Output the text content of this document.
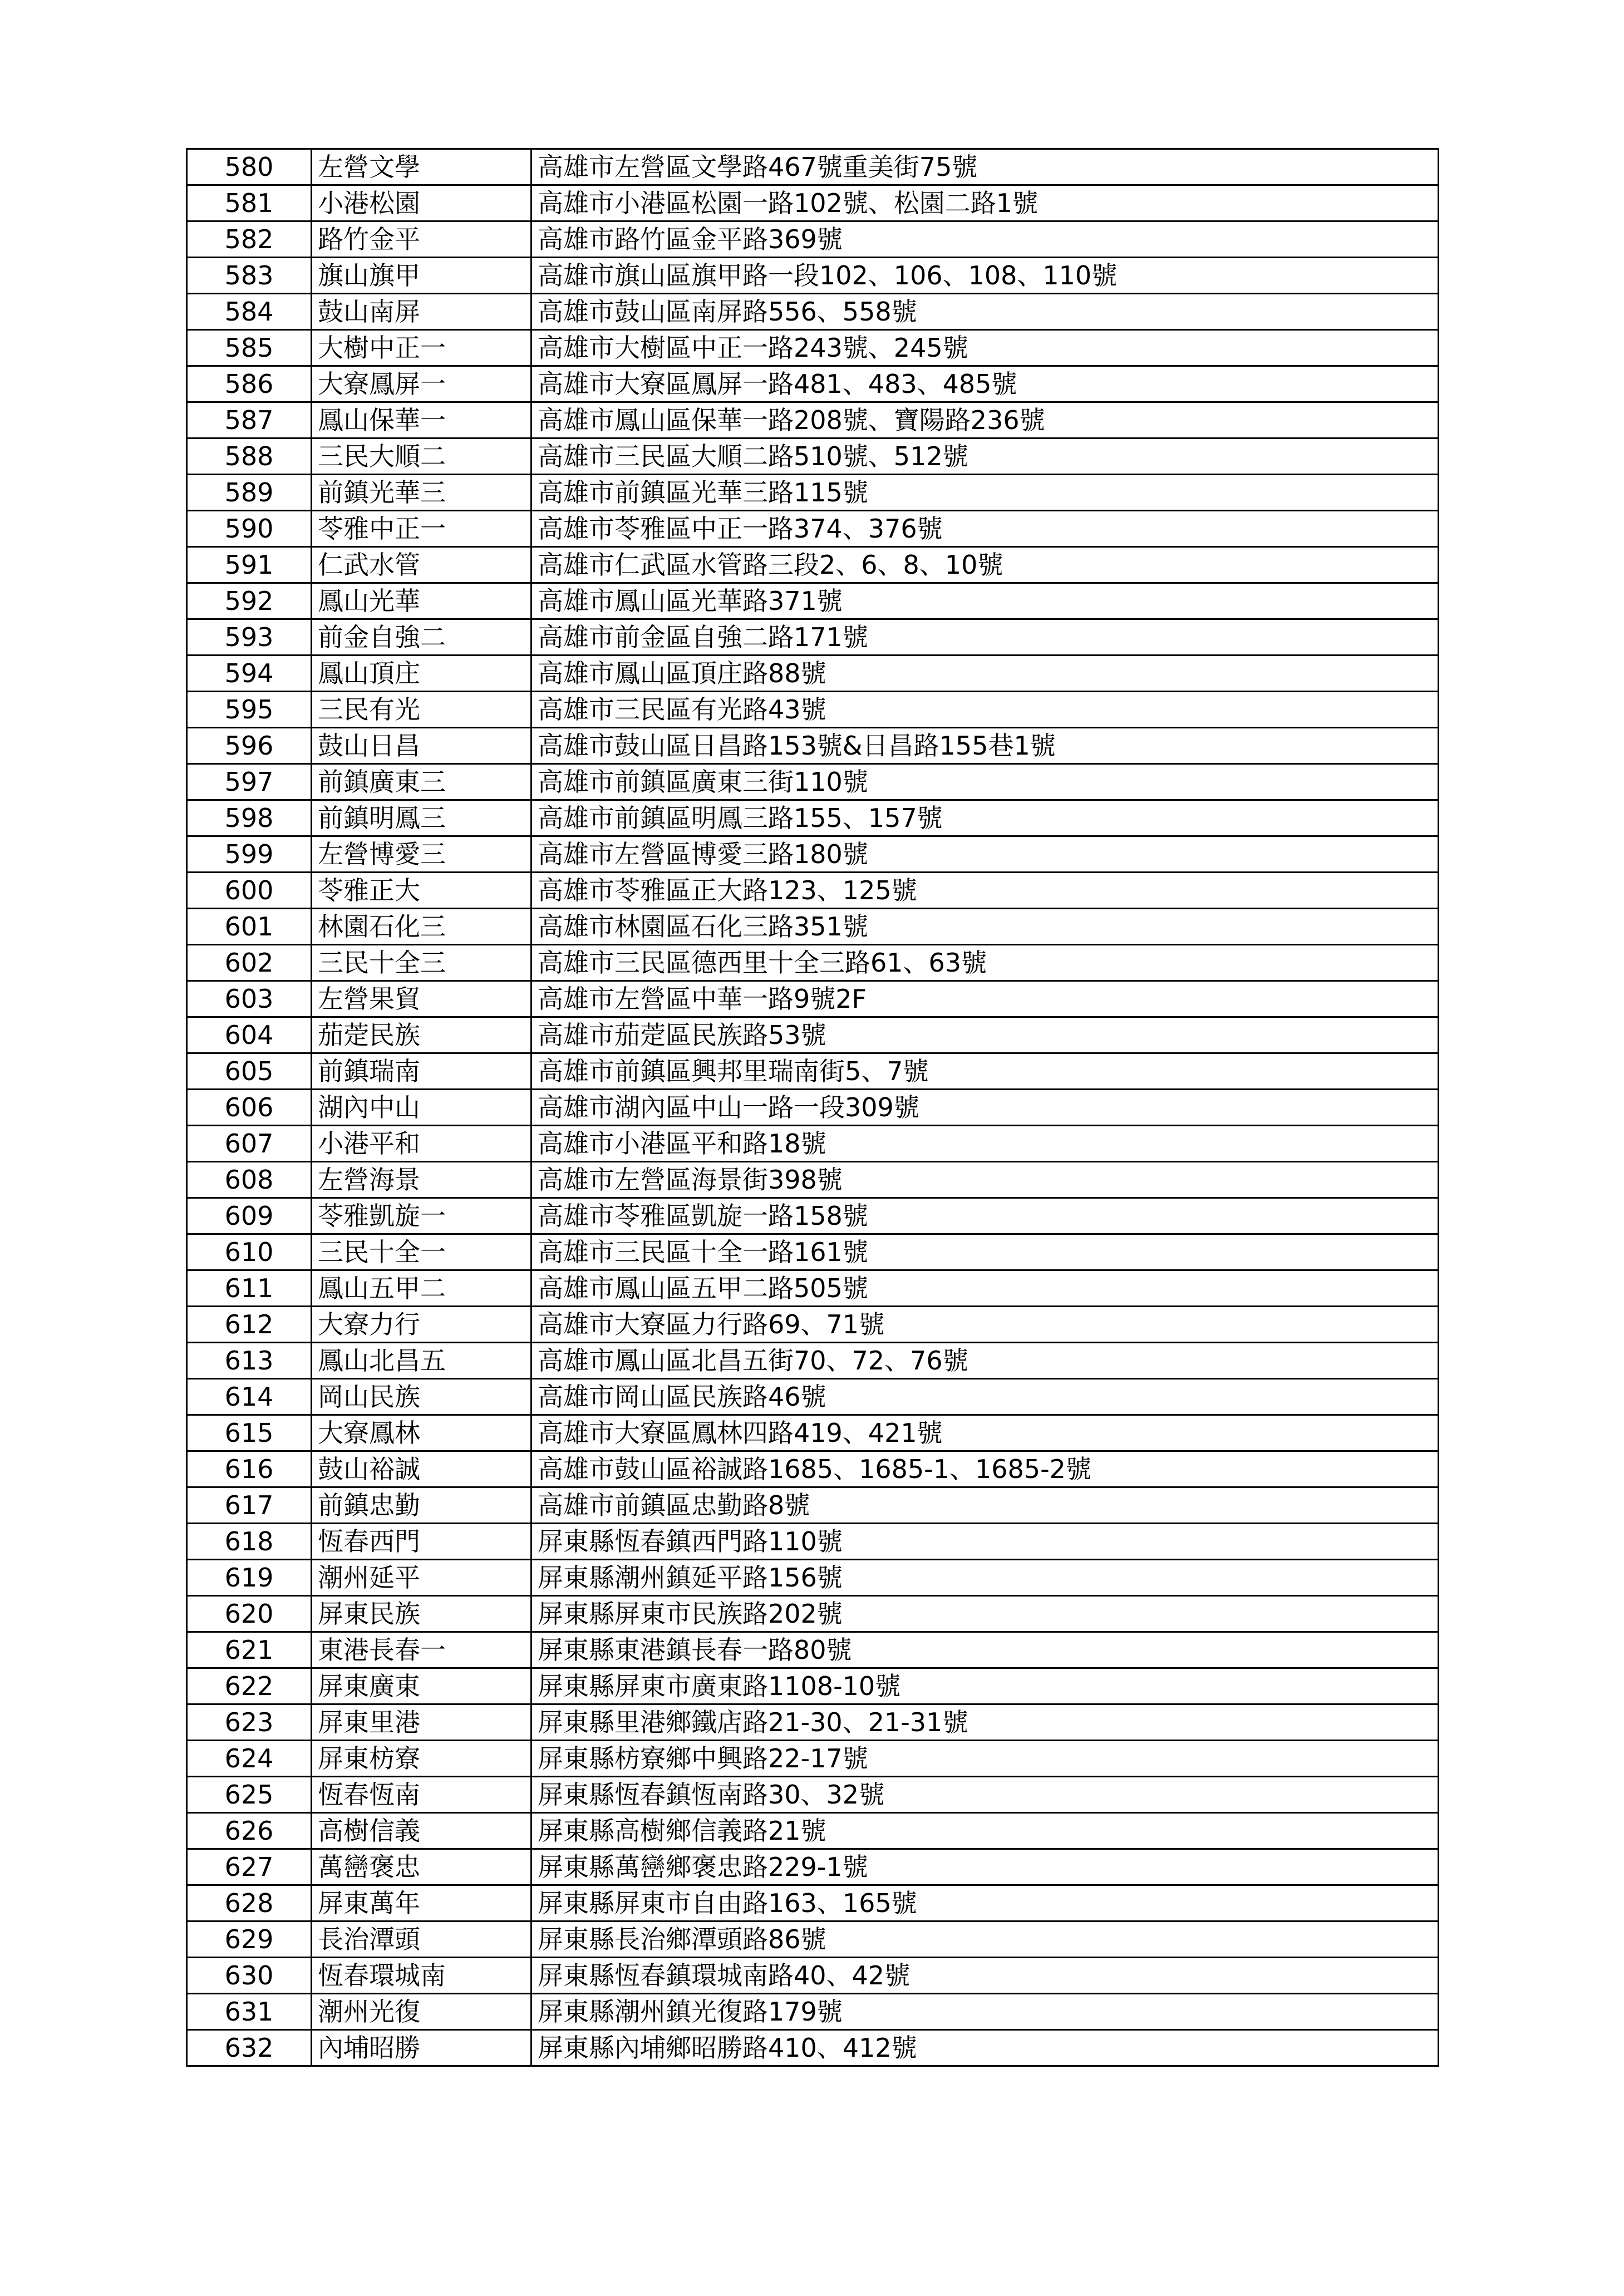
580	左營文學	高雄市左營區文學路467號重美街75號
581	小港松園	高雄市小港區松園一路102號、松園二路1號
582	路竹金平	高雄市路竹區金平路369號
583	旗山旗甲	高雄市旗山區旗甲路一段102、106、108、110號
584	鼓山南屏	高雄市鼓山區南屏路556、558號
585	大樹中正一	高雄市大樹區中正一路243號、245號
586	大寮鳳屏一	高雄市大寮區鳳屏一路481、483、485號
587	鳳山保華一	高雄市鳳山區保華一路208號、寶陽路236號
588	三民大順二	高雄市三民區大順二路510號、512號
589	前鎮光華三	高雄市前鎮區光華三路115號
590	苓雅中正一	高雄市苓雅區中正一路374、376號
591	仁武水管	高雄市仁武區水管路三段2、6、8、10號
592	鳳山光華	高雄市鳳山區光華路371號
593	前金自強二	高雄市前金區自強二路171號
594	鳳山頂庄	高雄市鳳山區頂庄路88號
595	三民有光	高雄市三民區有光路43號
596	鼓山日昌	高雄市鼓山區日昌路153號&日昌路155巷1號
597	前鎮廣東三	高雄市前鎮區廣東三街110號
598	前鎮明鳳三	高雄市前鎮區明鳳三路155、157號
599	左營博愛三	高雄市左營區博愛三路180號
600	苓雅正大	高雄市苓雅區正大路123、125號
601	林園石化三	高雄市林園區石化三路351號
602	三民十全三	高雄市三民區德西里十全三路61、63號
603	左營果貿	高雄市左營區中華一路9號2F
604	茄萣民族	高雄市茄萣區民族路53號
605	前鎮瑞南	高雄市前鎮區興邦里瑞南街5、7號
606	湖內中山	高雄市湖內區中山一路一段309號
607	小港平和	高雄市小港區平和路18號
608	左營海景	高雄市左營區海景街398號
609	苓雅凱旋一	高雄市苓雅區凱旋一路158號
610	三民十全一	高雄市三民區十全一路161號
611	鳳山五甲二	高雄市鳳山區五甲二路505號
612	大寮力行	高雄市大寮區力行路69、71號
613	鳳山北昌五	高雄市鳳山區北昌五街70、72、76號
614	岡山民族	高雄市岡山區民族路46號
615	大寮鳳林	高雄市大寮區鳳林四路419、421號
616	鼓山裕誠	高雄市鼓山區裕誠路1685、1685-1、1685-2號
617	前鎮忠勤	高雄市前鎮區忠勤路8號
618	恆春西門	屏東縣恆春鎮西門路110號
619	潮州延平	屏東縣潮州鎮延平路156號
620	屏東民族	屏東縣屏東市民族路202號
621	東港長春一	屏東縣東港鎮長春一路80號
622	屏東廣東	屏東縣屏東市廣東路1108-10號
623	屏東里港	屏東縣里港鄉鐵店路21-30、21-31號
624	屏東枋寮	屏東縣枋寮鄉中興路22-17號
625	恆春恆南	屏東縣恆春鎮恆南路30、32號
626	高樹信義	屏東縣高樹鄉信義路21號
627	萬巒褒忠	屏東縣萬巒鄉褒忠路229-1號
628	屏東萬年	屏東縣屏東市自由路163、165號
629	長治潭頭	屏東縣長治鄉潭頭路86號
630	恆春環城南	屏東縣恆春鎮環城南路40、42號
631	潮州光復	屏東縣潮州鎮光復路179號
632	內埔昭勝	屏東縣內埔鄉昭勝路410、412號
